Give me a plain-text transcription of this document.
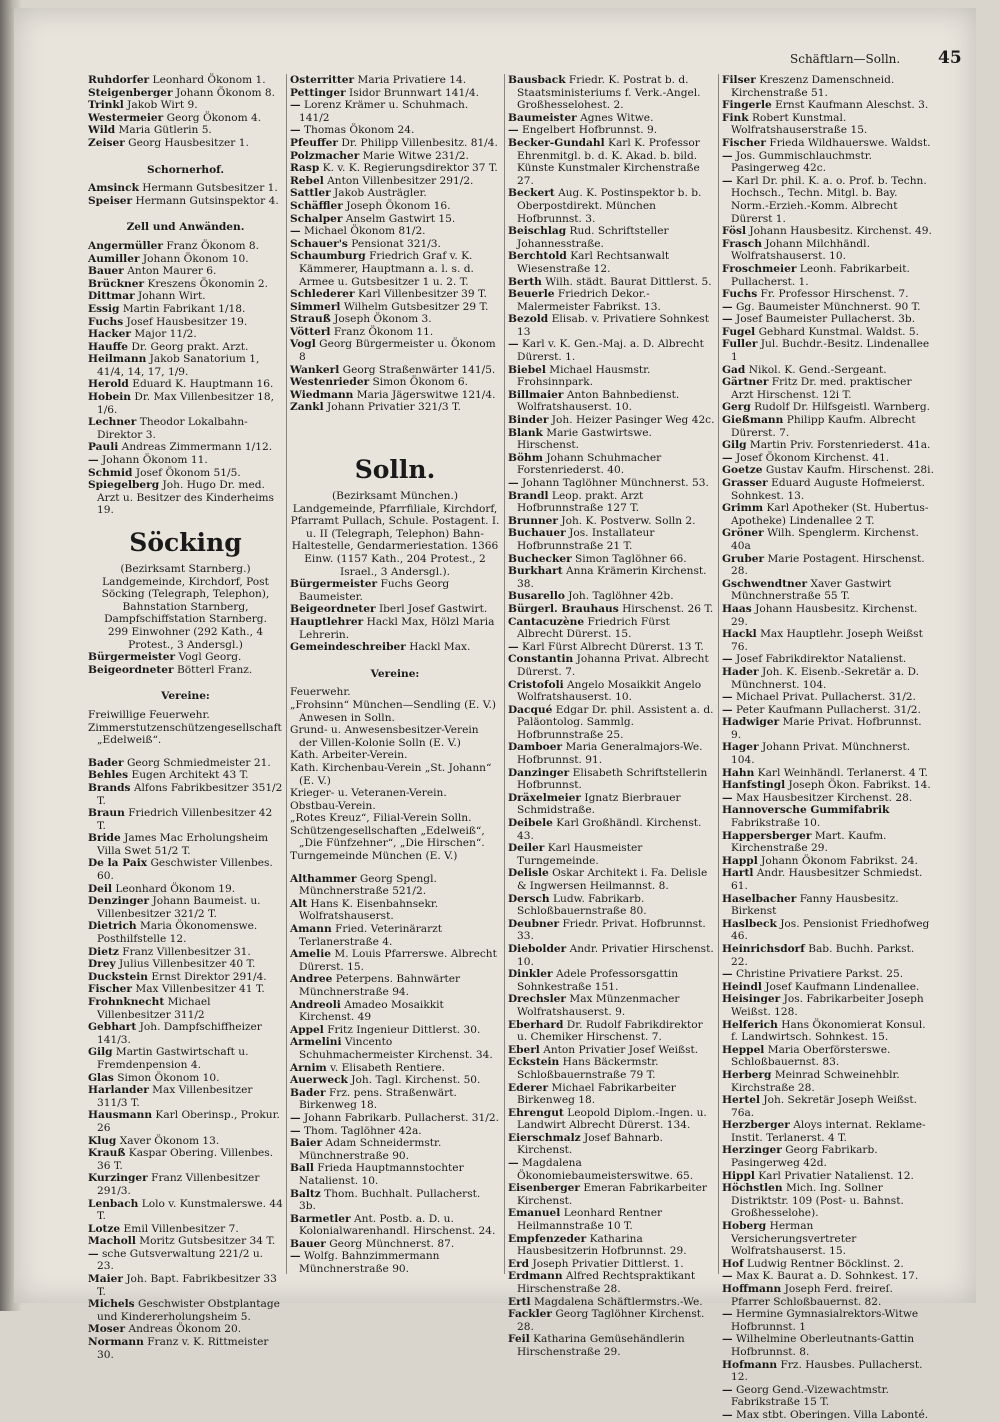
Schäftlarn—Solln. 45

Ruhdorfer Leonhard Ökonom 1.

Steigenberger Johann Ökonom 8.

Trinkl Jakob Wirt 9.

Westermeier Georg Ökonom 4.

Wild Maria Gütlerin 5.

Zeiser Georg Hausbesitzer 1.

Schornerhof.

Amsinck Hermann Gutsbesitzer 1.

Speiser Hermann Gutsinspektor 4.

Zell und Anwänden.

Angermüller Franz Ökonom 8.

Aumiller Johann Ökonom 10.

Bauer Anton Maurer 6.

Brückner Kreszens Ökonomin 2.

Dittmar Johann Wirt.

Essig Martin Fabrikant 1/18.

Fuchs Josef Hausbesitzer 19.

Hacker Major 11/2.

Hauffe Dr. Georg prakt. Arzt.

Heilmann Jakob Sanatorium 1, 41/4, 14, 17, 1/9.

Herold Eduard K. Hauptmann 16.

Hobein Dr. Max Villenbesitzer 18, 1/6.

Lechner Theodor Lokalbahn-Direktor 3.

Pauli Andreas Zimmermann 1/12.

— Johann Ökonom 11.

Schmid Josef Ökonom 51/5.

Spiegelberg Joh. Hugo Dr. med. Arzt u. Besitzer des Kinderheims 19.

Söcking

(Bezirksamt Starnberg.)

Landgemeinde, Kirchdorf, Post Söcking (Telegraph, Telephon), Bahnstation Starnberg, Dampfschiffstation Starnberg.

299 Einwohner (292 Kath., 4 Protest., 3 Andersgl.)

Bürgermeister Vogl Georg.

Beigeordneter Bötterl Franz.

Vereine:

Freiwillige Feuerwehr.

Zimmerstutzenschützengesellschaft „Edelweiß“.

Bader Georg Schmiedmeister 21.

Behles Eugen Architekt 43 T.

Brands Alfons Fabrikbesitzer 351/2 T.

Braun Friedrich Villenbesitzer 42 T.

Bride James Mac Erholungsheim Villa Swet 51/2 T.

De la Paix Geschwister Villenbes. 60.

Deil Leonhard Ökonom 19.

Denzinger Johann Baumeist. u. Villenbesitzer 321/2 T.

Dietrich Maria Ökonomenswe. Posthilfstelle 12.

Dietz Franz Villenbesitzer 31.

Drey Julius Villenbesitzer 40 T.

Duckstein Ernst Direktor 291/4.

Fischer Max Villenbesitzer 41 T.

Frohnknecht Michael Villenbesitzer 311/2

Gebhart Joh. Dampfschiffheizer 141/3.

Gilg Martin Gastwirtschaft u. Fremdenpension 4.

Glas Simon Ökonom 10.

Harlander Max Villenbesitzer 311/3 T.

Hausmann Karl Oberinsp., Prokur. 26

Klug Xaver Ökonom 13.

Krauß Kaspar Obering. Villenbes. 36 T.

Kurzinger Franz Villenbesitzer 291/3.

Lenbach Lolo v. Kunstmalerswe. 44 T.

Lotze Emil Villenbesitzer 7.

Macholl Moritz Gutsbesitzer 34 T.

— sche Gutsverwaltung 221/2 u. 23.

Maier Joh. Bapt. Fabrikbesitzer 33 T.

Michels Geschwister Obstplantage und Kindererholungsheim 5.

Moser Andreas Ökonom 20.

Normann Franz v. K. Rittmeister 30.

Osterritter Maria Privatiere 14.

Pettinger Isidor Brunnwart 141/4.

— Lorenz Krämer u. Schuhmach. 141/2

— Thomas Ökonom 24.

Pfeuffer Dr. Philipp Villenbesitz. 81/4.

Polzmacher Marie Witwe 231/2.

Rasp K. v. K. Regierungsdirektor 37 T.

Rebel Anton Villenbesitzer 291/2.

Sattler Jakob Austrägler.

Schäffler Joseph Ökonom 16.

Schalper Anselm Gastwirt 15.

— Michael Ökonom 81/2.

Schauer's Pensionat 321/3.

Schaumburg Friedrich Graf v. K. Kämmerer, Hauptmann a. l. s. d. Armee u. Gutsbesitzer 1 u. 2. T.

Schlederer Karl Villenbesitzer 39 T.

Simmerl Wilhelm Gutsbesitzer 29 T.

Strauß Joseph Ökonom 3.

Vötterl Franz Ökonom 11.

Vogl Georg Bürgermeister u. Ökonom 8

Wankerl Georg Straßenwärter 141/5.

Westenrieder Simon Ökonom 6.

Wiedmann Maria Jägerswitwe 121/4.

Zankl Johann Privatier 321/3 T.

Solln.

(Bezirksamt München.)

Landgemeinde, Pfarrfiliale, Kirchdorf, Pfarramt Pullach, Schule. Postagent. I. u. II (Telegraph, Telephon) Bahn-Haltestelle, Gendarmeriestation. 1366 Einw. (1157 Kath., 204 Protest., 2 Israel., 3 Andersgl.).

Bürgermeister Fuchs Georg Baumeister.

Beigeordneter Iberl Josef Gastwirt.

Hauptlehrer Hackl Max, Hölzl Maria Lehrerin.

Gemeindeschreiber Hackl Max.

Vereine:

Feuerwehr.

„Frohsinn“ München—Sendling (E. V.) Anwesen in Solln.

Grund- u. Anwesensbesitzer-Verein der Villen-Kolonie Solln (E. V.)

Kath. Arbeiter-Verein.

Kath. Kirchenbau-Verein „St. Johann“ (E. V.)

Krieger- u. Veteranen-Verein.

Obstbau-Verein.

„Rotes Kreuz“, Filial-Verein Solln.

Schützengesellschaften „Edelweiß“, „Die Fünfzehner“, „Die Hirschen“.

Turngemeinde München (E. V.)

Althammer Georg Spengl. Münchnerstraße 521/2.

Alt Hans K. Eisenbahnsekr. Wolfratshauserst.

Amann Fried. Veterinärarzt Terlanerstraße 4.

Amelie M. Louis Pfarrerswe. Albrecht Dürerst. 15.

Andree Peterpens. Bahnwärter Münchnerstraße 94.

Andreoli Amadeo Mosaikkit Kirchenst. 49

Appel Fritz Ingenieur Dittlerst. 30.

Armelini Vincento Schuhmachermeister Kirchenst. 34.

Arnim v. Elisabeth Rentiere.

Auerweck Joh. Tagl. Kirchenst. 50.

Bader Frz. pens. Straßenwärt. Birkenweg 18.

— Johann Fabrikarb. Pullacherst. 31/2.

— Thom. Taglöhner 42a.

Baier Adam Schneidermstr. Münchnerstraße 90.

Ball Frieda Hauptmannstochter Natalienst. 10.

Baltz Thom. Buchhalt. Pullacherst. 3b.

Barmetler Ant. Postb. a. D. u. Kolonialwarenhandl. Hirschenst. 24.

Bauer Georg Münchnerst. 87.

— Wolfg. Bahnzimmermann Münchnerstraße 90.

Bausback Friedr. K. Postrat b. d. Staatsministeriums f. Verk.-Angel. Großhesselohest. 2.

Baumeister Agnes Witwe.

— Engelbert Hofbrunnst. 9.

Becker-Gundahl Karl K. Professor Ehrenmitgl. b. d. K. Akad. b. bild. Künste Kunstmaler Kirchenstraße 27.

Beckert Aug. K. Postinspektor b. b. Oberpostdirekt. München Hofbrunnst. 3.

Beischlag Rud. Schriftsteller Johannesstraße.

Berchtold Karl Rechtsanwalt Wiesenstraße 12.

Berth Wilh. städt. Baurat Dittlerst. 5.

Beuerle Friedrich Dekor.-Malermeister Fabrikst. 13.

Bezold Elisab. v. Privatiere Sohnkest 13

— Karl v. K. Gen.-Maj. a. D. Albrecht Dürerst. 1.

Biebel Michael Hausmstr. Frohsinnpark.

Billmaier Anton Bahnbedienst. Wolfratshauserst. 10.

Binder Joh. Heizer Pasinger Weg 42c.

Blank Marie Gastwirtswe. Hirschenst.

Böhm Johann Schuhmacher Forstenriederst. 40.

— Johann Taglöhner Münchnerst. 53.

Brandl Leop. prakt. Arzt Hofbrunnstraße 127 T.

Brunner Joh. K. Postverw. Solln 2.

Buchauer Jos. Installateur Hofbrunnstraße 21 T.

Buchecker Simon Taglöhner 66.

Burkhart Anna Krämerin Kirchenst. 38.

Busarello Joh. Taglöhner 42b.

Bürgerl. Brauhaus Hirschenst. 26 T.

Cantacuzène Friedrich Fürst Albrecht Dürerst. 15.

— Karl Fürst Albrecht Dürerst. 13 T.

Constantin Johanna Privat. Albrecht Dürerst. 7.

Cristofoli Angelo Mosaikkit Angelo Wolfratshauserst. 10.

Dacqué Edgar Dr. phil. Assistent a. d. Paläontolog. Sammlg. Hofbrunnstraße 25.

Damboer Maria Generalmajors-We. Hofbrunnst. 91.

Danzinger Elisabeth Schriftstellerin Hofbrunnst.

Dräxelmeier Ignatz Bierbrauer Schmidstraße.

Deibele Karl Großhändl. Kirchenst. 43.

Deiler Karl Hausmeister Turngemeinde.

Delisle Oskar Architekt i. Fa. Delisle & Ingwersen Heilmannst. 8.

Dersch Ludw. Fabrikarb. Schloßbauernstraße 80.

Deubner Friedr. Privat. Hofbrunnst. 33.

Diebolder Andr. Privatier Hirschenst. 10.

Dinkler Adele Professorsgattin Sohnkestraße 151.

Drechsler Max Münzenmacher Wolfratshauserst. 9.

Eberhard Dr. Rudolf Fabrikdirektor u. Chemiker Hirschenst. 7.

Eberl Anton Privatier Josef Weißst.

Eckstein Hans Bäckermstr. Schloßbauernstraße 79 T.

Ederer Michael Fabrikarbeiter Birkenweg 18.

Ehrengut Leopold Diplom.-Ingen. u. Landwirt Albrecht Dürerst. 134.

Eierschmalz Josef Bahnarb. Kirchenst.

— Magdalena Ökonomiebaumeisterswitwe. 65.

Eisenberger Emeran Fabrikarbeiter Kirchenst.

Emanuel Leonhard Rentner Heilmannstraße 10 T.

Empfenzeder Katharina Hausbesitzerin Hofbrunnst. 29.

Erd Joseph Privatier Dittlerst. 1.

Erdmann Alfred Rechtspraktikant Hirschenstraße 28.

Ertl Magdalena Schäftlermstrs.-We.

Fackler Georg Taglöhner Kirchenst. 28.

Feil Katharina Gemüsehändlerin Hirschenstraße 29.

Filser Kreszenz Damenschneid. Kirchenstraße 51.

Fingerle Ernst Kaufmann Aleschst. 3.

Fink Robert Kunstmal. Wolfratshauserstraße 15.

Fischer Frieda Wildhauerswe. Waldst.

— Jos. Gummischlauchmstr. Pasingerweg 42c.

— Karl Dr. phil. K. a. o. Prof. b. Techn. Hochsch., Techn. Mitgl. b. Bay. Norm.-Erzieh.-Komm. Albrecht Dürerst 1.

Fösl Johann Hausbesitz. Kirchenst. 49.

Frasch Johann Milchhändl. Wolfratshauserst. 10.

Froschmeier Leonh. Fabrikarbeit. Pullacherst. 1.

Fuchs Fr. Professor Hirschenst. 7.

— Gg. Baumeister Münchnerst. 90 T.

— Josef Baumeister Pullacherst. 3b.

Fugel Gebhard Kunstmal. Waldst. 5.

Fuller Jul. Buchdr.-Besitz. Lindenallee 1

Gad Nikol. K. Gend.-Sergeant.

Gärtner Fritz Dr. med. praktischer Arzt Hirschenst. 12i T.

Gerg Rudolf Dr. Hilfsgeistl. Warnberg.

Gießmann Philipp Kaufm. Albrecht Dürerst. 7.

Gilg Martin Priv. Forstenriederst. 41a.

— Josef Ökonom Kirchenst. 41.

Goetze Gustav Kaufm. Hirschenst. 28i.

Grasser Eduard Auguste Hofmeierst. Sohnkest. 13.

Grimm Karl Apotheker (St. Hubertus-Apotheke) Lindenallee 2 T.

Gröner Wilh. Spenglerm. Kirchenst. 40a

Gruber Marie Postagent. Hirschenst. 28.

Gschwendtner Xaver Gastwirt Münchnerstraße 55 T.

Haas Johann Hausbesitz. Kirchenst. 29.

Hackl Max Hauptlehr. Joseph Weißst 76.

— Josef Fabrikdirektor Natalienst.

Hader Joh. K. Eisenb.-Sekretär a. D. Münchnerst. 104.

— Michael Privat. Pullacherst. 31/2.

— Peter Kaufmann Pullacherst. 31/2.

Hadwiger Marie Privat. Hofbrunnst. 9.

Hager Johann Privat. Münchnerst. 104.

Hahn Karl Weinhändl. Terlanerst. 4 T.

Hanfstingl Joseph Ökon. Fabrikst. 14.

— Max Hausbesitzer Kirchenst. 28.

Hannoversche Gummifabrik Fabrikstraße 10.

Happersberger Mart. Kaufm. Kirchenstraße 29.

Happl Johann Ökonom Fabrikst. 24.

Hartl Andr. Hausbesitzer Schmiedst. 61.

Haselbacher Fanny Hausbesitz. Birkenst

Haslbeck Jos. Pensionist Friedhofweg 46.

Heinrichsdorf Bab. Buchh. Parkst. 22.

— Christine Privatiere Parkst. 25.

Heindl Josef Kaufmann Lindenallee.

Heisinger Jos. Fabrikarbeiter Joseph Weißst. 128.

Helferich Hans Ökonomierat Konsul. f. Landwirtsch. Sohnkest. 15.

Heppel Maria Oberförsterswe. Schloßbauernst. 83.

Herberg Meinrad Schweinehblr. Kirchstraße 28.

Hertel Joh. Sekretär Joseph Weißst. 76a.

Herzberger Aloys internat. Reklame-Instit. Terlanerst. 4 T.

Herzinger Georg Fabrikarb. Pasingerweg 42d.

Hippl Karl Privatier Natalienst. 12.

Höchstlen Mich. Ing. Sollner Distriktstr. 109 (Post- u. Bahnst. Großhesselohe).

Hoberg Herman Versicherungsvertreter Wolfratshauserst. 15.

Hof Ludwig Rentner Böcklinst. 2.

— Max K. Baurat a. D. Sohnkest. 17.

Hoffmann Joseph Ferd. freireſ. Pfarrer Schloßbauernst. 82.

— Hermine Gymnasialrektors-Witwe Hofbrunnst. 1

— Wilhelmine Oberleutnants-Gattin Hofbrunnst. 8.

Hofmann Frz. Hausbes. Pullacherst. 12.

— Georg Gend.-Vizewachtmstr. Fabrikstraße 15 T.

— Max stbt. Oberingen. Villa Labonté.
